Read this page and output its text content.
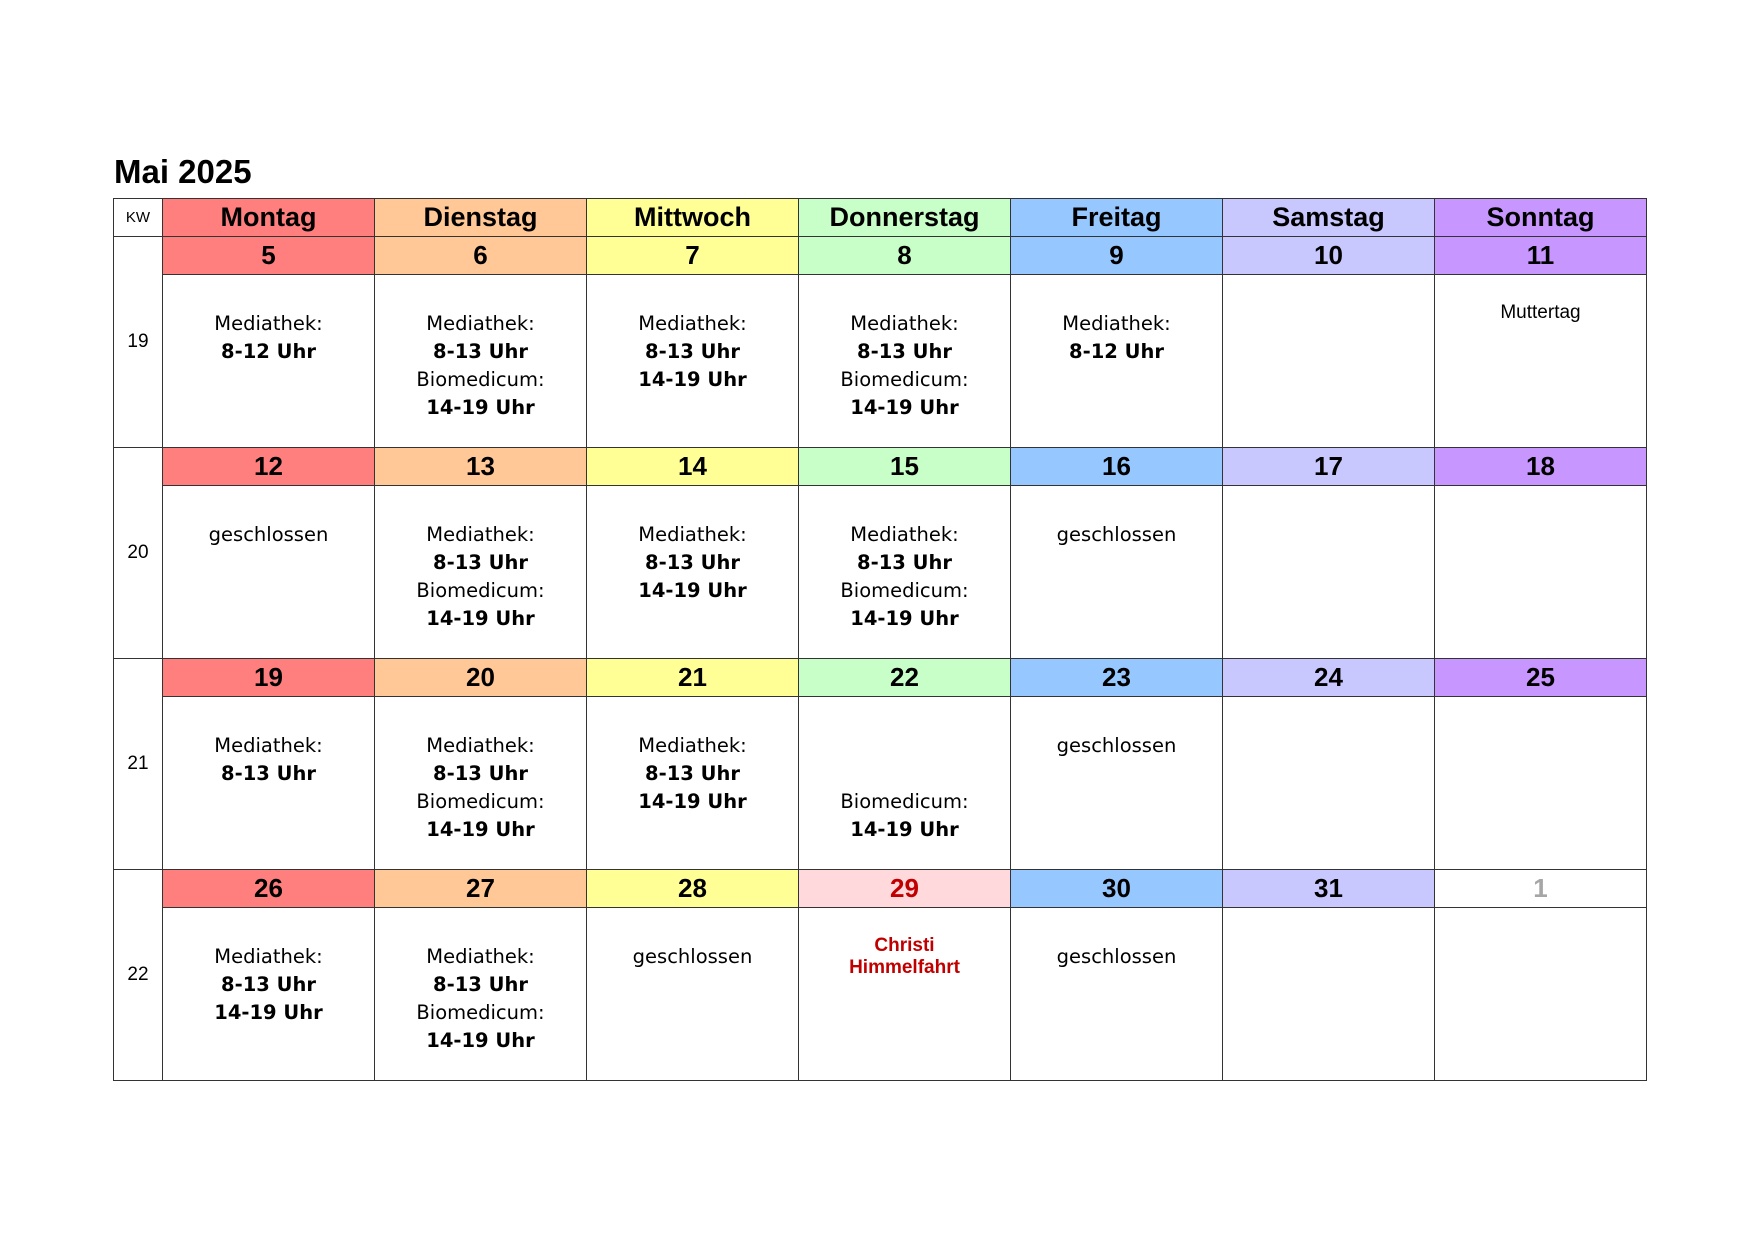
Mai 2025
KW	Montag	Dienstag	Mittwoch	Donnerstag	Freitag	Samstag	Sonntag
19	5	6	7	8	9	10	11

	Mediathek:
8-12 Uhr	Mediathek:
8-13 Uhr
Biomedicum:
14-19 Uhr	Mediathek:
8-13 Uhr
14-19 Uhr	Mediathek:
8-13 Uhr
Biomedicum:
14-19 Uhr	Mediathek:
8-12 Uhr		Muttertag

20	12	13	14	15	16	17	18

	geschlossen	Mediathek:
8-13 Uhr
Biomedicum:
14-19 Uhr	Mediathek:
8-13 Uhr
14-19 Uhr	Mediathek:
8-13 Uhr
Biomedicum:
14-19 Uhr	geschlossen		

21	19	20	21	22	23	24	25

	Mediathek:
8-13 Uhr	Mediathek:
8-13 Uhr
Biomedicum:
14-19 Uhr	Mediathek:
8-13 Uhr
14-19 Uhr	Biomedicum:
14-19 Uhr	geschlossen		

22	26	27	28	29	30	31	1

	Mediathek:
8-13 Uhr
14-19 Uhr	Mediathek:
8-13 Uhr
Biomedicum:
14-19 Uhr	geschlossen	Christi
Himmelfahrt	geschlossen		
